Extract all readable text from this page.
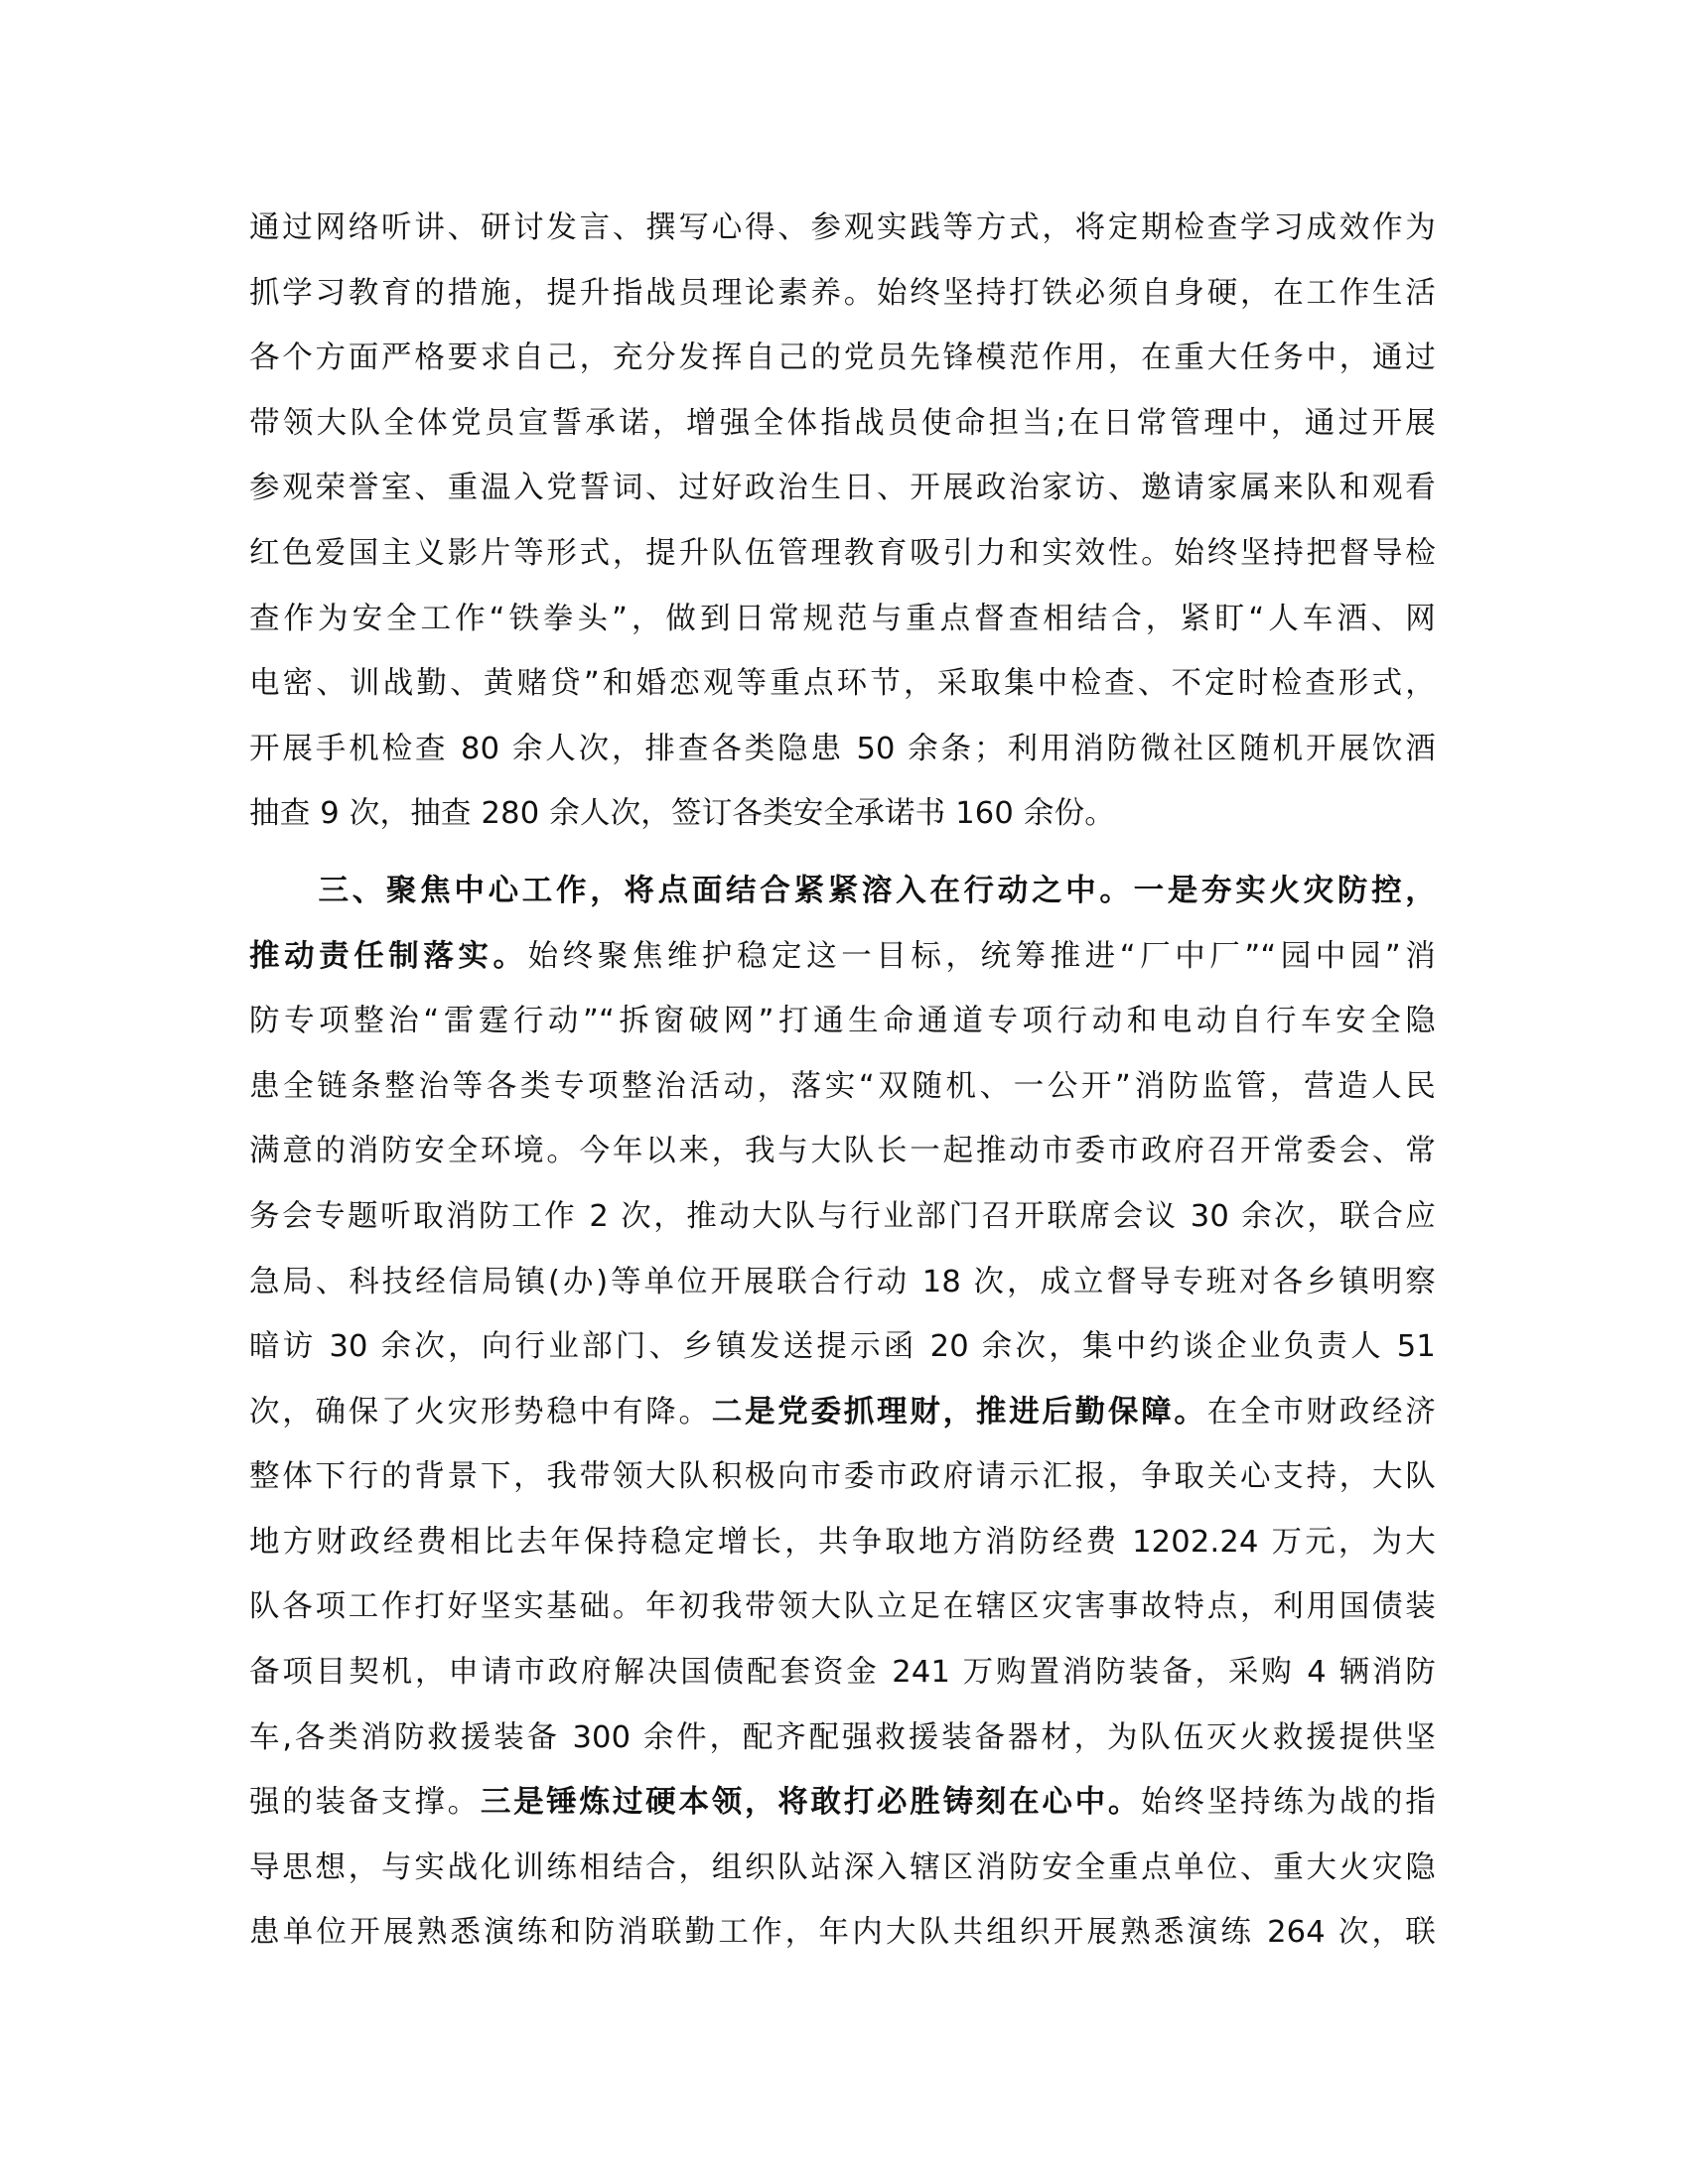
通过网络听讲、研讨发言、撰写心得、参观实践等方式，将定期检查学习成效作为
抓学习教育的措施，提升指战员理论素养。始终坚持打铁必须自身硬，在工作生活
各个方面严格要求自己，充分发挥自己的党员先锋模范作用，在重大任务中，通过
带领大队全体党员宣誓承诺，增强全体指战员使命担当;在日常管理中，通过开展
参观荣誉室、重温入党誓词、过好政治生日、开展政治家访、邀请家属来队和观看
红色爱国主义影片等形式，提升队伍管理教育吸引力和实效性。始终坚持把督导检
查作为安全工作“铁拳头”，做到日常规范与重点督查相结合，紧盯“人车酒、网
电密、训战勤、黄赌贷”和婚恋观等重点环节，采取集中检查、不定时检查形式，
开展手机检查 80 余人次，排查各类隐患 50 余条；利用消防微社区随机开展饮酒
抽查 9 次，抽查 280 余人次，签订各类安全承诺书 160 余份。

三、聚焦中心工作，将点面结合紧紧溶入在行动之中。一是夯实火灾防控，
推动责任制落实。始终聚焦维护稳定这一目标，统筹推进“厂中厂”“园中园”消
防专项整治“雷霆行动”“拆窗破网”打通生命通道专项行动和电动自行车安全隐
患全链条整治等各类专项整治活动，落实“双随机、一公开”消防监管，营造人民
满意的消防安全环境。今年以来，我与大队长一起推动市委市政府召开常委会、常
务会专题听取消防工作 2 次，推动大队与行业部门召开联席会议 30 余次，联合应
急局、科技经信局镇(办)等单位开展联合行动 18 次，成立督导专班对各乡镇明察
暗访 30 余次，向行业部门、乡镇发送提示函 20 余次，集中约谈企业负责人 51
次，确保了火灾形势稳中有降。二是党委抓理财，推进后勤保障。在全市财政经济
整体下行的背景下，我带领大队积极向市委市政府请示汇报，争取关心支持，大队
地方财政经费相比去年保持稳定增长，共争取地方消防经费 1202.24 万元，为大
队各项工作打好坚实基础。年初我带领大队立足在辖区灾害事故特点，利用国债装
备项目契机，申请市政府解决国债配套资金 241 万购置消防装备，采购 4 辆消防
车,各类消防救援装备 300 余件，配齐配强救援装备器材，为队伍灭火救援提供坚
强的装备支撑。三是锤炼过硬本领，将敢打必胜铸刻在心中。始终坚持练为战的指
导思想，与实战化训练相结合，组织队站深入辖区消防安全重点单位、重大火灾隐
患单位开展熟悉演练和防消联勤工作，年内大队共组织开展熟悉演练 264 次，联
